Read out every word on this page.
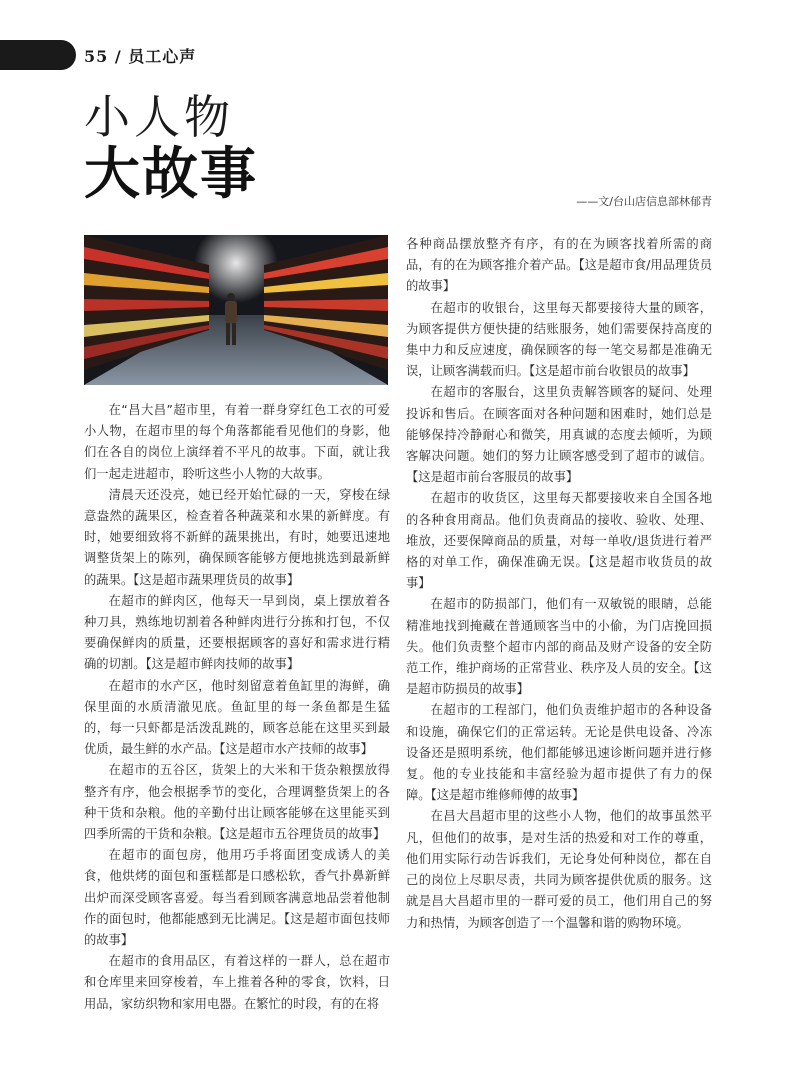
55 / 员工心声
小人物
大故事	——文/台山店信息部林郁青

在“昌大昌”超市里，有着一群身穿红色工衣的可爱小人物，在超市里的每个角落都能看见他们的身影，他们在各自的岗位上演绎着不平凡的故事。下面，就让我们一起走进超市，聆听这些小人物的大故事。

清晨天还没亮，她已经开始忙碌的一天，穿梭在绿意盎然的蔬果区，检查着各种蔬菜和水果的新鲜度。有时，她要细致将不新鲜的蔬果挑出，有时，她要迅速地调整货架上的陈列，确保顾客能够方便地挑选到最新鲜的蔬果。【这是超市蔬果理货员的故事】

在超市的鲜肉区，他每天一早到岗，桌上摆放着各种刀具，熟练地切割着各种鲜肉进行分拣和打包，不仅要确保鲜肉的质量，还要根据顾客的喜好和需求进行精确的切割。【这是超市鲜肉技师的故事】

在超市的水产区，他时刻留意着鱼缸里的海鲜，确保里面的水质清澈见底。鱼缸里的每一条鱼都是生猛的，每一只虾都是活泼乱跳的，顾客总能在这里买到最优质，最生鲜的水产品。【这是超市水产技师的故事】

在超市的五谷区，货架上的大米和干货杂粮摆放得整齐有序，他会根据季节的变化，合理调整货架上的各种干货和杂粮。他的辛勤付出让顾客能够在这里能买到四季所需的干货和杂粮。【这是超市五谷理货员的故事】

在超市的面包房，他用巧手将面团变成诱人的美食，他烘烤的面包和蛋糕都是口感松软，香气扑鼻新鲜出炉而深受顾客喜爱。每当看到顾客满意地品尝着他制作的面包时，他都能感到无比满足。【这是超市面包技师的故事】

在超市的食用品区，有着这样的一群人，总在超市和仓库里来回穿梭着，车上推着各种的零食，饮料，日用品，家纺织物和家用电器。在繁忙的时段，有的在将

各种商品摆放整齐有序，有的在为顾客找着所需的商品，有的在为顾客推介着产品。【这是超市食/用品理货员的故事】

在超市的收银台，这里每天都要接待大量的顾客，为顾客提供方便快捷的结账服务，她们需要保持高度的集中力和反应速度，确保顾客的每一笔交易都是准确无误，让顾客满载而归。【这是超市前台收银员的故事】

在超市的客服台，这里负责解答顾客的疑问、处理投诉和售后。在顾客面对各种问题和困难时，她们总是能够保持冷静耐心和微笑，用真诚的态度去倾听，为顾客解决问题。她们的努力让顾客感受到了超市的诚信。【这是超市前台客服员的故事】

在超市的收货区，这里每天都要接收来自全国各地的各种食用商品。他们负责商品的接收、验收、处理、堆放，还要保障商品的质量，对每一单收/退货进行着严格的对单工作，确保准确无误。【这是超市收货员的故事】

在超市的防损部门，他们有一双敏锐的眼睛，总能精准地找到掩藏在普通顾客当中的小偷，为门店挽回损失。他们负责整个超市内部的商品及财产设备的安全防范工作，维护商场的正常营业、秩序及人员的安全。【这是超市防损员的故事】

在超市的工程部门，他们负责维护超市的各种设备和设施，确保它们的正常运转。无论是供电设备、冷冻设备还是照明系统，他们都能够迅速诊断问题并进行修复。他的专业技能和丰富经验为超市提供了有力的保障。【这是超市维修师傅的故事】

在昌大昌超市里的这些小人物，他们的故事虽然平凡，但他们的故事，是对生活的热爱和对工作的尊重，他们用实际行动告诉我们，无论身处何种岗位，都在自己的岗位上尽职尽责，共同为顾客提供优质的服务。这就是昌大昌超市里的一群可爱的员工，他们用自己的努力和热情，为顾客创造了一个温馨和谐的购物环境。
